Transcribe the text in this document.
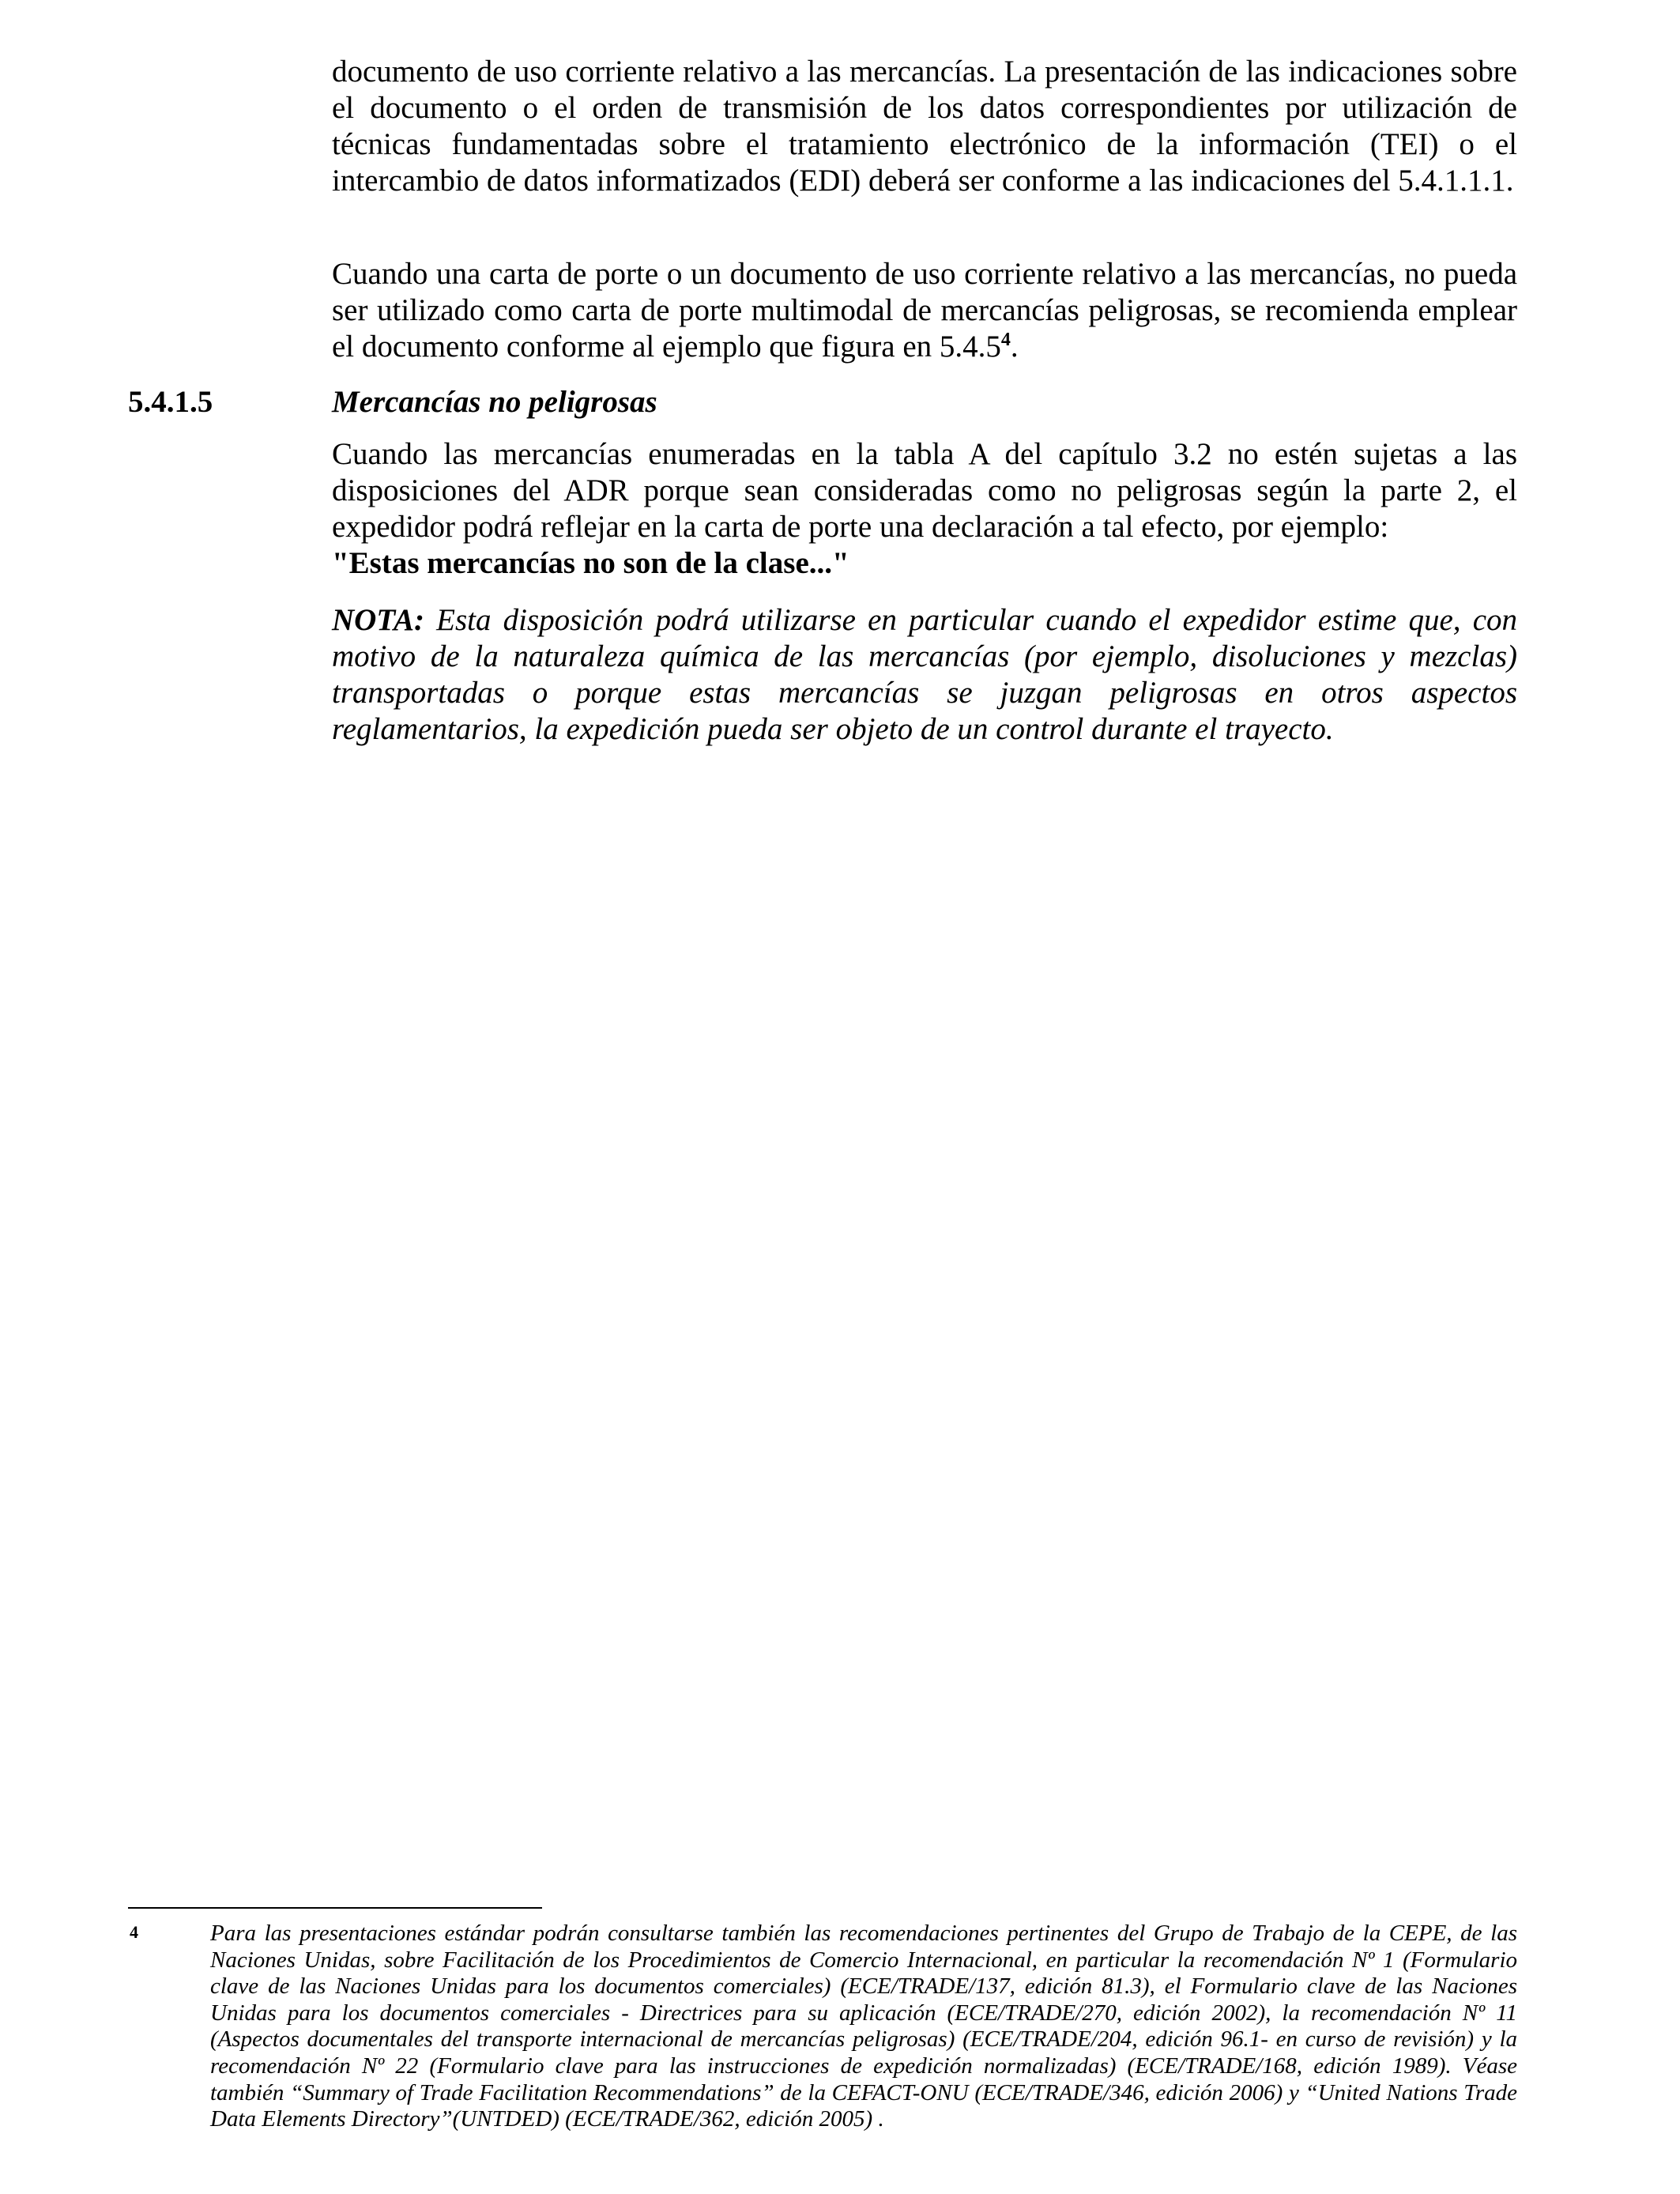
documento de uso corriente relativo a las mercancías. La presentación de las indicaciones sobre el documento o el orden de transmisión de los datos correspondientes por utilización de técnicas fundamentadas sobre el tratamiento electrónico de la información (TEI) o el intercambio de datos informatizados (EDI) deberá ser conforme a las indicaciones del 5.4.1.1.1.

Cuando una carta de porte o un documento de uso corriente relativo a las mercancías, no pueda ser utilizado como carta de porte multimodal de mercancías peligrosas, se recomienda emplear el documento conforme al ejemplo que figura en 5.4.5$^4$.

5.4.1.5	Mercancías no peligrosas

Cuando las mercancías enumeradas en la tabla A del capítulo 3.2 no estén sujetas a las disposiciones del ADR porque sean consideradas como no peligrosas según la parte 2, el expedidor podrá reflejar en la carta de porte una declaración a tal efecto, por ejemplo:
"Estas mercancías no son de la clase..."

NOTA: Esta disposición podrá utilizarse en particular cuando el expedidor estime que, con motivo de la naturaleza química de las mercancías (por ejemplo, disoluciones y mezclas) transportadas o porque estas mercancías se juzgan peligrosas en otros aspectos reglamentarios, la expedición pueda ser objeto de un control durante el trayecto.

4	Para las presentaciones estándar podrán consultarse también las recomendaciones pertinentes del Grupo de Trabajo de la CEPE, de las Naciones Unidas, sobre Facilitación de los Procedimientos de Comercio Internacional, en particular la recomendación Nº 1 (Formulario clave de las Naciones Unidas para los documentos comerciales) (ECE/TRADE/137, edición 81.3), el Formulario clave de las Naciones Unidas para los documentos comerciales - Directrices para su aplicación (ECE/TRADE/270, edición 2002), la recomendación Nº 11 (Aspectos documentales del transporte internacional de mercancías peligrosas) (ECE/TRADE/204, edición 96.1- en curso de revisión) y la recomendación Nº 22 (Formulario clave para las instrucciones de expedición normalizadas) (ECE/TRADE/168, edición 1989). Véase también “Summary of Trade Facilitation Recommendations” de la CEFACT-ONU (ECE/TRADE/346, edición 2006) y “United Nations Trade Data Elements Directory”(UNTDED) (ECE/TRADE/362, edición 2005) .
